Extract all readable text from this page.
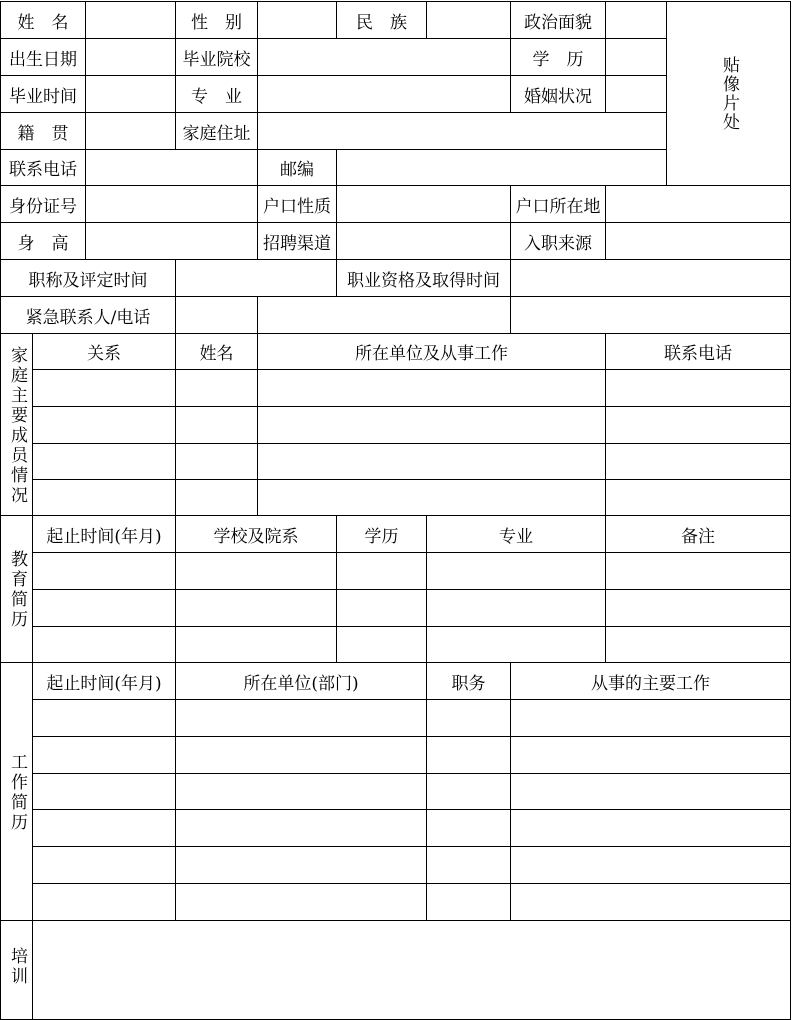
姓　名	性　别	民　族	政治面貌
贴像片处
出生日期	毕业院校	学　历
毕业时间	专　业	婚姻状况
籍　贯	家庭住址
联系电话	邮编
身份证号	户口性质	户口所在地
身　高	招聘渠道	入职来源
职称及评定时间	职业资格及取得时间
紧急联系人/电话
家庭主要成员情况	关系	姓名	所在单位及从事工作	联系电话
教育简历
起止时间(年月)	学校及院系	学历	专业	备注
工作简历
起止时间(年月)	所在单位(部门)	职务	从事的主要工作
培训
